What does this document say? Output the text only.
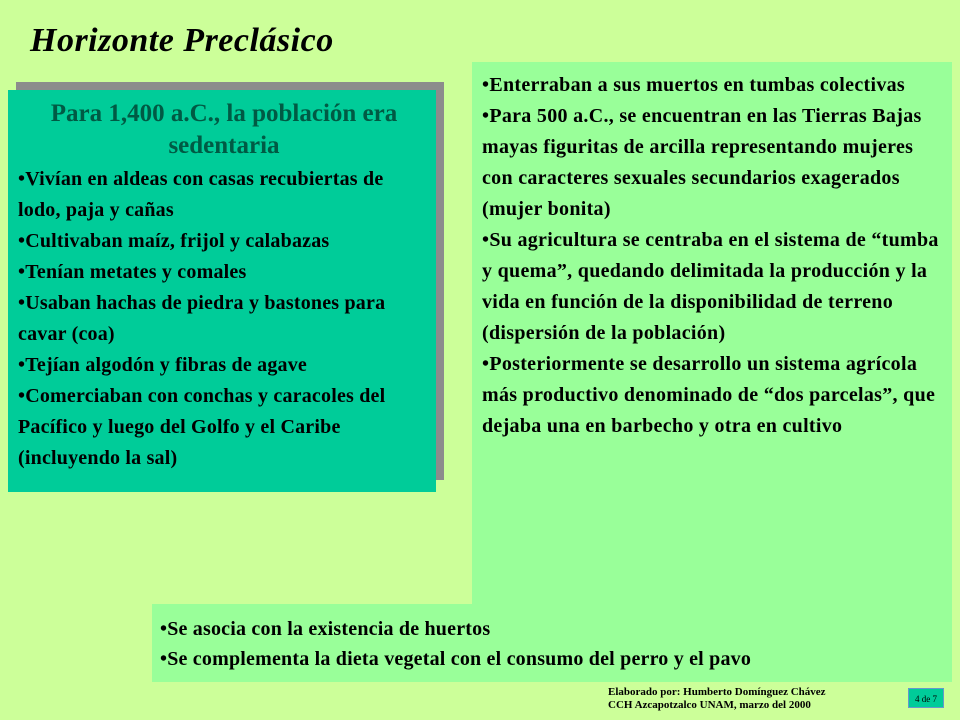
Horizonte Preclásico
Para 1,400 a.C., la población era sedentaria
•Vivían en aldeas con casas recubiertas de lodo, paja y cañas
•Cultivaban maíz, frijol y calabazas
•Tenían metates y comales
•Usaban hachas de piedra y bastones para cavar (coa)
•Tejían algodón y fibras de agave
•Comerciaban con conchas y caracoles del Pacífico y luego del Golfo y el Caribe (incluyendo la sal)
•Enterraban a sus muertos en tumbas colectivas
•Para 500 a.C., se encuentran en las Tierras Bajas mayas figuritas de arcilla representando mujeres con caracteres sexuales secundarios exagerados (mujer bonita)
•Su agricultura se centraba en el sistema de “tumba y quema”, quedando delimitada la producción y la vida en función de la disponibilidad de terreno (dispersión de la población)
•Posteriormente se desarrollo un sistema agrícola más productivo denominado de “dos parcelas”, que dejaba una en barbecho y otra en cultivo
•Se asocia con la existencia de huertos
•Se complementa la dieta vegetal con el consumo del perro y el pavo
Elaborado por: Humberto Domínguez Chávez
CCH Azcapotzalco UNAM, marzo del 2000	4 de 7
